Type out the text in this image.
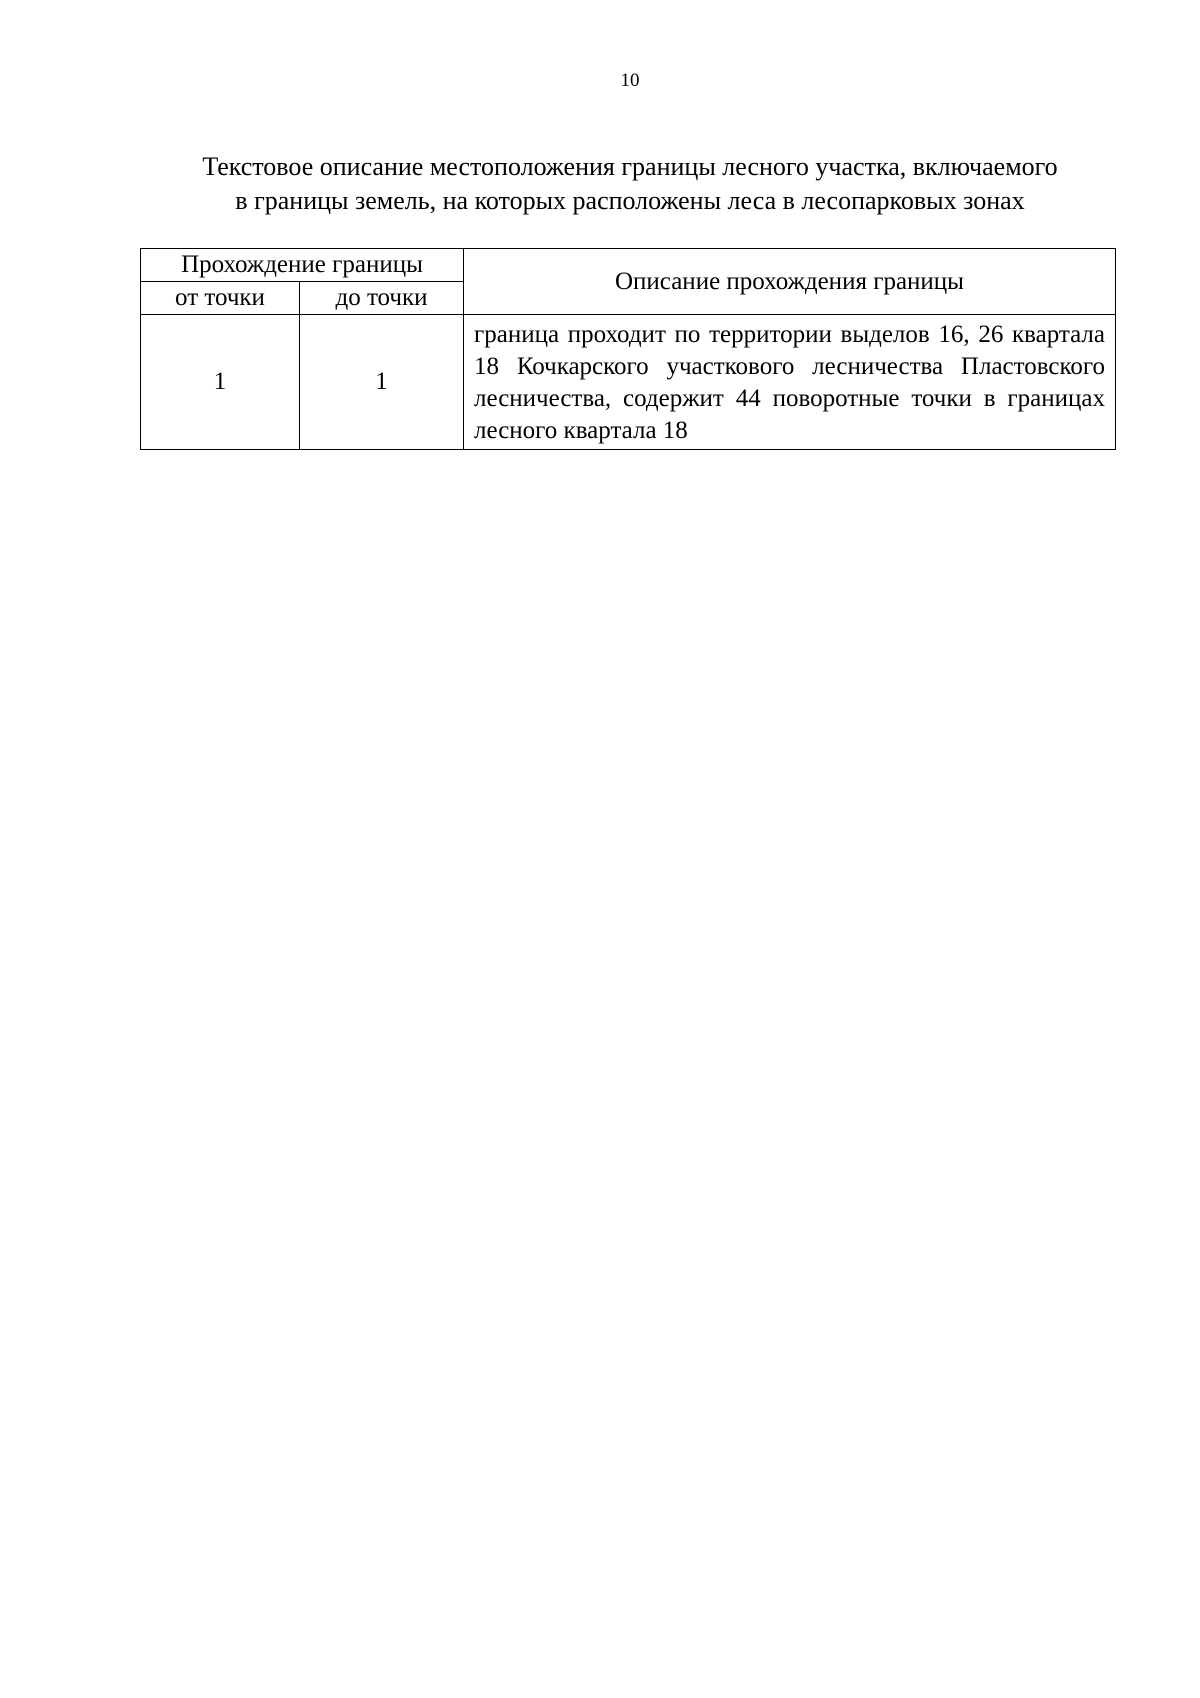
10
Текстовое описание местоположения границы лесного участка, включаемого
в границы земель, на которых расположены леса в лесопарковых зонах
Прохождение границы		Описание прохождения границы
от точки	до точки	
1	1	граница проходит по территории выделов 16, 26 квартала 18 Кочкарского участкового лесничества Пластовского лесничества, содержит 44 поворотные точки в границах лесного квартала 18
